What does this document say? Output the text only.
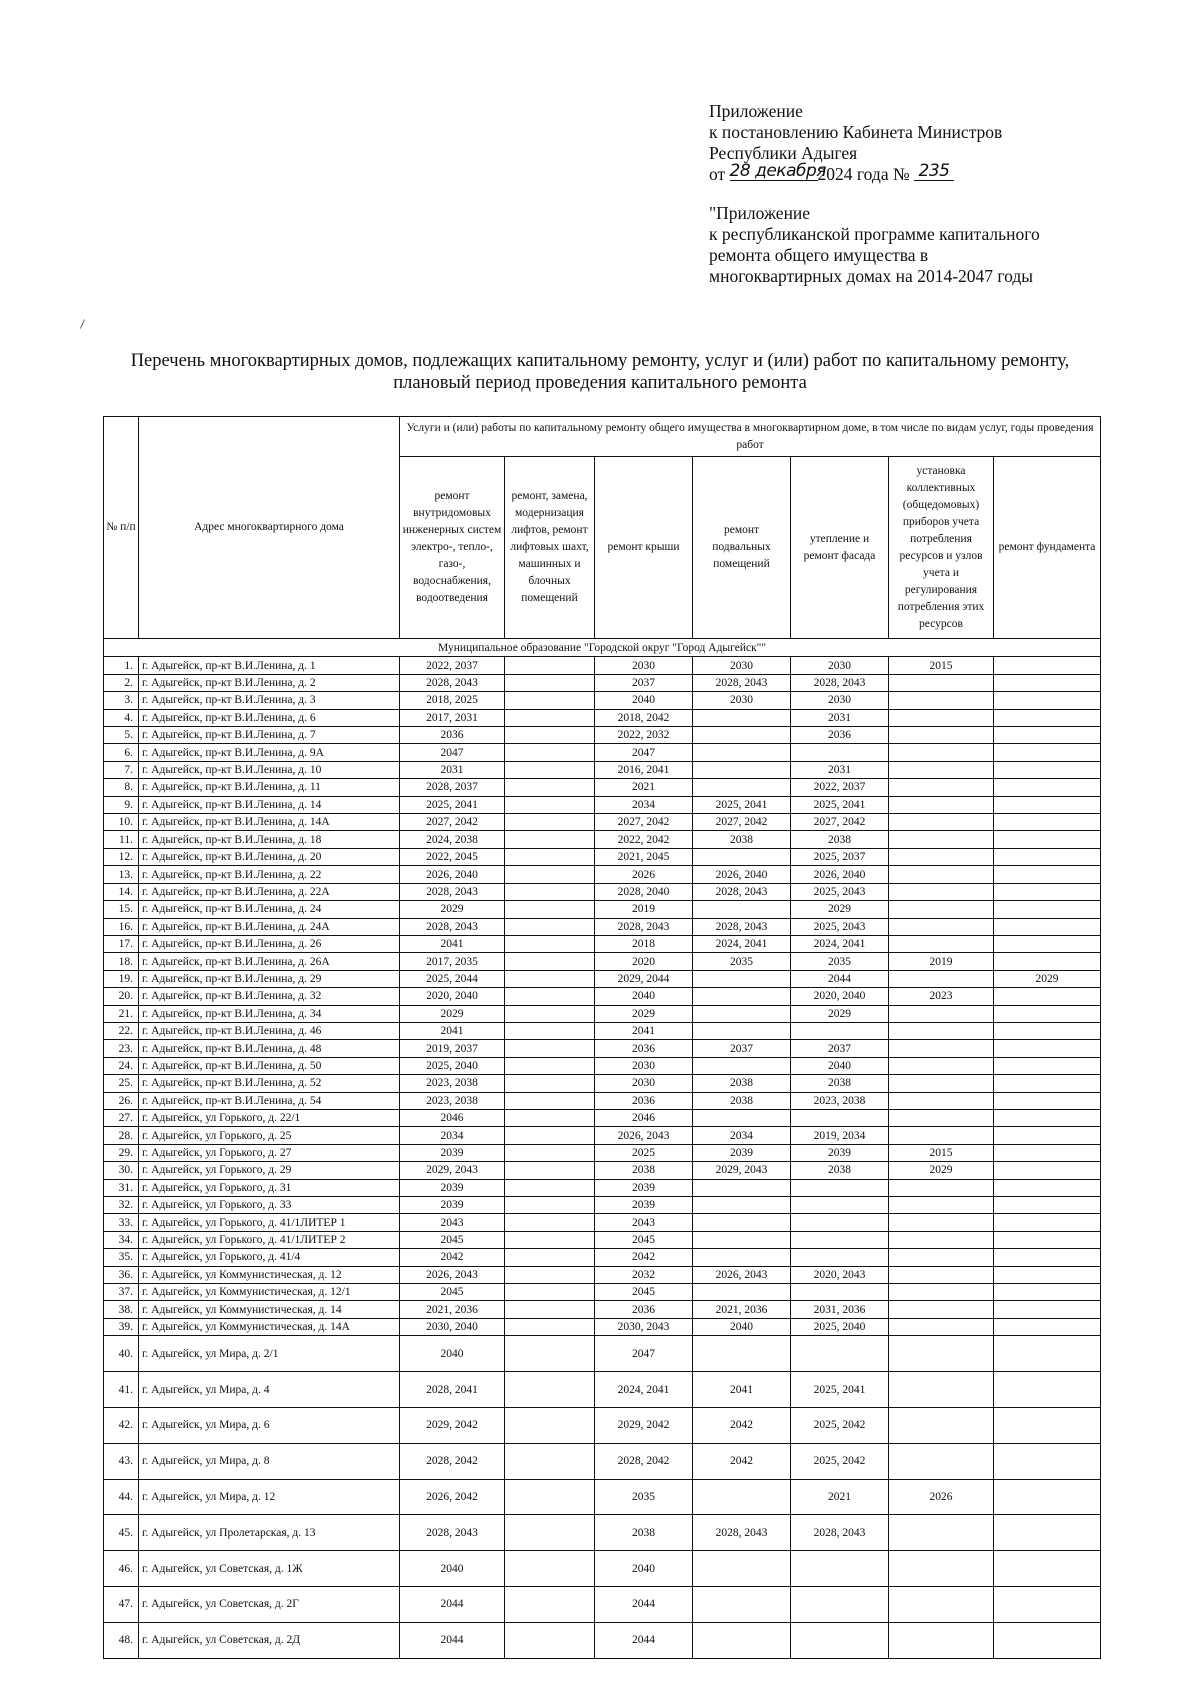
Приложение
к постановлению Кабинета Министров
Республики Адыгея
от 28 декабря2024 года № 235
"Приложение
к республиканской программе капитального
ремонта общего имущества в
многоквартирных домах на 2014-2047 годы
Перечень многоквартирных домов, подлежащих капитальному ремонту, услуг и (или) работ по капитальному ремонту,
плановый период проведения капитального ремонта
№ п/п	Адрес многоквартирного дома	Услуги и (или) работы по капитальному ремонту общего имущества в многоквартирном доме, в том числе по видам услуг, годы проведения работ						
		ремонт внутридомовых инженерных систем электро-, тепло-, газо-, водоснабжения, водоотведения	ремонт, замена, модернизация лифтов, ремонт лифтовых шахт, машинных и блочных помещений	ремонт крыши	ремонт подвальных помещений	утепление и ремонт фасада	установка коллективных (общедомовых) приборов учета потребления ресурсов и узлов учета и регулирования потребления этих ресурсов	ремонт фундамента
Муниципальное образование "Городской округ "Город Адыгейск""								
1.	г. Адыгейск, пр-кт В.И.Ленина, д. 1	2022, 2037		2030	2030	2030	2015	
2.	г. Адыгейск, пр-кт В.И.Ленина, д. 2	2028, 2043		2037	2028, 2043	2028, 2043		
3.	г. Адыгейск, пр-кт В.И.Ленина, д. 3	2018, 2025		2040	2030	2030		
4.	г. Адыгейск, пр-кт В.И.Ленина, д. 6	2017, 2031		2018, 2042		2031		
5.	г. Адыгейск, пр-кт В.И.Ленина, д. 7	2036		2022, 2032		2036		
6.	г. Адыгейск, пр-кт В.И.Ленина, д. 9А	2047		2047				
7.	г. Адыгейск, пр-кт В.И.Ленина, д. 10	2031		2016, 2041		2031		
8.	г. Адыгейск, пр-кт В.И.Ленина, д. 11	2028, 2037		2021		2022, 2037		
9.	г. Адыгейск, пр-кт В.И.Ленина, д. 14	2025, 2041		2034	2025, 2041	2025, 2041		
10.	г. Адыгейск, пр-кт В.И.Ленина, д. 14А	2027, 2042		2027, 2042	2027, 2042	2027, 2042		
11.	г. Адыгейск, пр-кт В.И.Ленина, д. 18	2024, 2038		2022, 2042	2038	2038		
12.	г. Адыгейск, пр-кт В.И.Ленина, д. 20	2022, 2045		2021, 2045		2025, 2037		
13.	г. Адыгейск, пр-кт В.И.Ленина, д. 22	2026, 2040		2026	2026, 2040	2026, 2040		
14.	г. Адыгейск, пр-кт В.И.Ленина, д. 22А	2028, 2043		2028, 2040	2028, 2043	2025, 2043		
15.	г. Адыгейск, пр-кт В.И.Ленина, д. 24	2029		2019		2029		
16.	г. Адыгейск, пр-кт В.И.Ленина, д. 24А	2028, 2043		2028, 2043	2028, 2043	2025, 2043		
17.	г. Адыгейск, пр-кт В.И.Ленина, д. 26	2041		2018	2024, 2041	2024, 2041		
18.	г. Адыгейск, пр-кт В.И.Ленина, д. 26А	2017, 2035		2020	2035	2035	2019	
19.	г. Адыгейск, пр-кт В.И.Ленина, д. 29	2025, 2044		2029, 2044		2044		2029
20.	г. Адыгейск, пр-кт В.И.Ленина, д. 32	2020, 2040		2040		2020, 2040	2023	
21.	г. Адыгейск, пр-кт В.И.Ленина, д. 34	2029		2029		2029		
22.	г. Адыгейск, пр-кт В.И.Ленина, д. 46	2041		2041				
23.	г. Адыгейск, пр-кт В.И.Ленина, д. 48	2019, 2037		2036	2037	2037		
24.	г. Адыгейск, пр-кт В.И.Ленина, д. 50	2025, 2040		2030		2040		
25.	г. Адыгейск, пр-кт В.И.Ленина, д. 52	2023, 2038		2030	2038	2038		
26.	г. Адыгейск, пр-кт В.И.Ленина, д. 54	2023, 2038		2036	2038	2023, 2038		
27.	г. Адыгейск, ул Горького, д. 22/1	2046		2046				
28.	г. Адыгейск, ул Горького, д. 25	2034		2026, 2043	2034	2019, 2034		
29.	г. Адыгейск, ул Горького, д. 27	2039		2025	2039	2039	2015	
30.	г. Адыгейск, ул Горького, д. 29	2029, 2043		2038	2029, 2043	2038	2029	
31.	г. Адыгейск, ул Горького, д. 31	2039		2039				
32.	г. Адыгейск, ул Горького, д. 33	2039		2039				
33.	г. Адыгейск, ул Горького, д. 41/1ЛИТЕР 1	2043		2043				
34.	г. Адыгейск, ул Горького, д. 41/1ЛИТЕР 2	2045		2045				
35.	г. Адыгейск, ул Горького, д. 41/4	2042		2042				
36.	г. Адыгейск, ул Коммунистическая, д. 12	2026, 2043		2032	2026, 2043	2020, 2043		
37.	г. Адыгейск, ул Коммунистическая, д. 12/1	2045		2045				
38.	г. Адыгейск, ул Коммунистическая, д. 14	2021, 2036		2036	2021, 2036	2031, 2036		
39.	г. Адыгейск, ул Коммунистическая, д. 14А	2030, 2040		2030, 2043	2040	2025, 2040		
40.	г. Адыгейск, ул Мира, д. 2/1	2040		2047				
41.	г. Адыгейск, ул Мира, д. 4	2028, 2041		2024, 2041	2041	2025, 2041		
42.	г. Адыгейск, ул Мира, д. 6	2029, 2042		2029, 2042	2042	2025, 2042		
43.	г. Адыгейск, ул Мира, д. 8	2028, 2042		2028, 2042	2042	2025, 2042		
44.	г. Адыгейск, ул Мира, д. 12	2026, 2042		2035		2021	2026	
45.	г. Адыгейск, ул Пролетарская, д. 13	2028, 2043		2038	2028, 2043	2028, 2043		
46.	г. Адыгейск, ул Советская, д. 1Ж	2040		2040				
47.	г. Адыгейск, ул Советская, д. 2Г	2044		2044				
48.	г. Адыгейск, ул Советская, д. 2Д	2044		2044				
